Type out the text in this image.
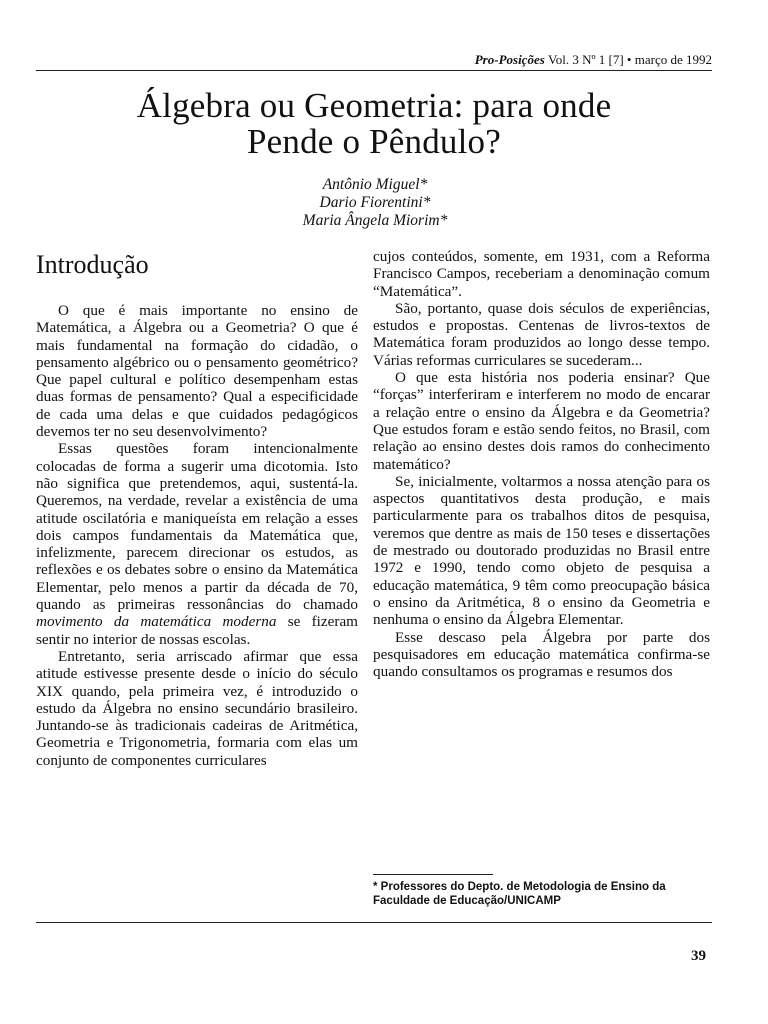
Pro-Posições Vol. 3 Nº 1 [7] • março de 1992
Álgebra ou Geometria: para onde
Pende o Pêndulo?
Antônio Miguel*
Dario Fiorentini*
Maria Ângela Miorim*
Introdução

O que é mais importante no ensino de Matemática, a Álgebra ou a Geometria? O que é mais fundamental na formação do cidadão, o pensamento algébrico ou o pensamento geométrico? Que papel cultural e político desempenham estas duas formas de pensamento? Qual a especificidade de cada uma delas e que cuidados pedagógicos devemos ter no seu desenvolvimento?

Essas questões foram intencionalmente colocadas de forma a sugerir uma dicotomia. Isto não significa que pretendemos, aqui, sustentá-la. Queremos, na verdade, revelar a existência de uma atitude oscilatória e maniqueísta em relação a esses dois campos fundamentais da Matemática que, infelizmente, parecem direcionar os estudos, as reflexões e os debates sobre o ensino da Matemática Elementar, pelo menos a partir da década de 70, quando as primeiras ressonâncias do chamado movimento da matemática moderna se fizeram sentir no interior de nossas escolas.

Entretanto, seria arriscado afirmar que essa atitude estivesse presente desde o início do século XIX quando, pela primeira vez, é introduzido o estudo da Álgebra no ensino secundário brasileiro. Juntando-se às tradicionais cadeiras de Aritmética, Geometria e Trigonometria, formaria com elas um conjunto de componentes curriculares

cujos conteúdos, somente, em 1931, com a Reforma Francisco Campos, receberiam a denominação comum “Matemática”.

São, portanto, quase dois séculos de experiências, estudos e propostas. Centenas de livros-textos de Matemática foram produzidos ao longo desse tempo. Várias reformas curriculares se sucederam...

O que esta história nos poderia ensinar? Que “forças” interferiram e interferem no modo de encarar a relação entre o ensino da Álgebra e da Geometria? Que estudos foram e estão sendo feitos, no Brasil, com relação ao ensino destes dois ramos do conhecimento matemático?

Se, inicialmente, voltarmos a nossa atenção para os aspectos quantitativos desta produção, e mais particularmente para os trabalhos ditos de pesquisa, veremos que dentre as mais de 150 teses e dissertações de mestrado ou doutorado produzidas no Brasil entre 1972 e 1990, tendo como objeto de pesquisa a educação matemática, 9 têm como preocupação básica o ensino da Aritmética, 8 o ensino da Geometria e nenhuma o ensino da Álgebra Elementar.

Esse descaso pela Álgebra por parte dos pesquisadores em educação matemática confirma-se quando consultamos os programas e resumos dos

* Professores do Depto. de Metodologia de Ensino da Faculdade de Educação/UNICAMP
39
